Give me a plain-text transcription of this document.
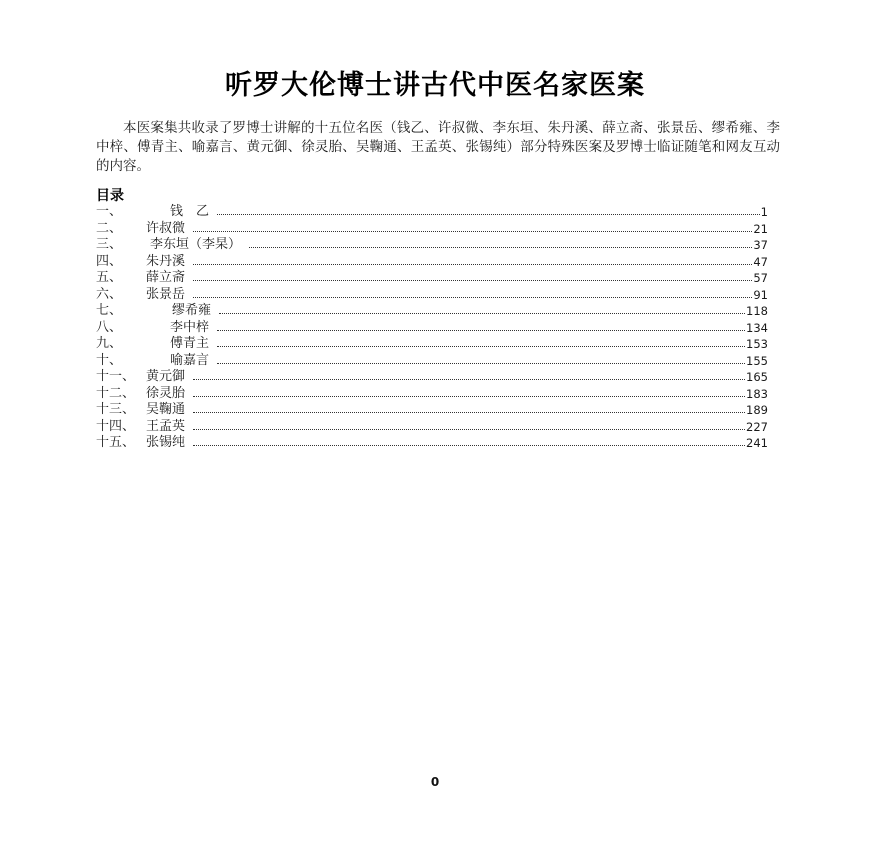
听罗大伦博士讲古代中医名家医案
本医案集共收录了罗博士讲解的十五位名医（钱乙、许叔微、李东垣、朱丹溪、薛立斋、张景岳、缪希雍、李中梓、傅青主、喻嘉言、黄元御、徐灵胎、吴鞠通、王孟英、张锡纯）部分特殊医案及罗博士临证随笔和网友互动的内容。
目录
一、	钱　乙	1
二、	许叔微	21
三、	李东垣（李杲）	37
四、	朱丹溪	47
五、	薛立斋	57
六、	张景岳	91
七、	缪希雍	118
八、	李中梓	134
九、	傅青主	153
十、	喻嘉言	155
十一、 黄元御	165
十二、 徐灵胎	183
十三、 吴鞠通	189
十四、 王孟英	227
十五、 张锡纯	241
0
